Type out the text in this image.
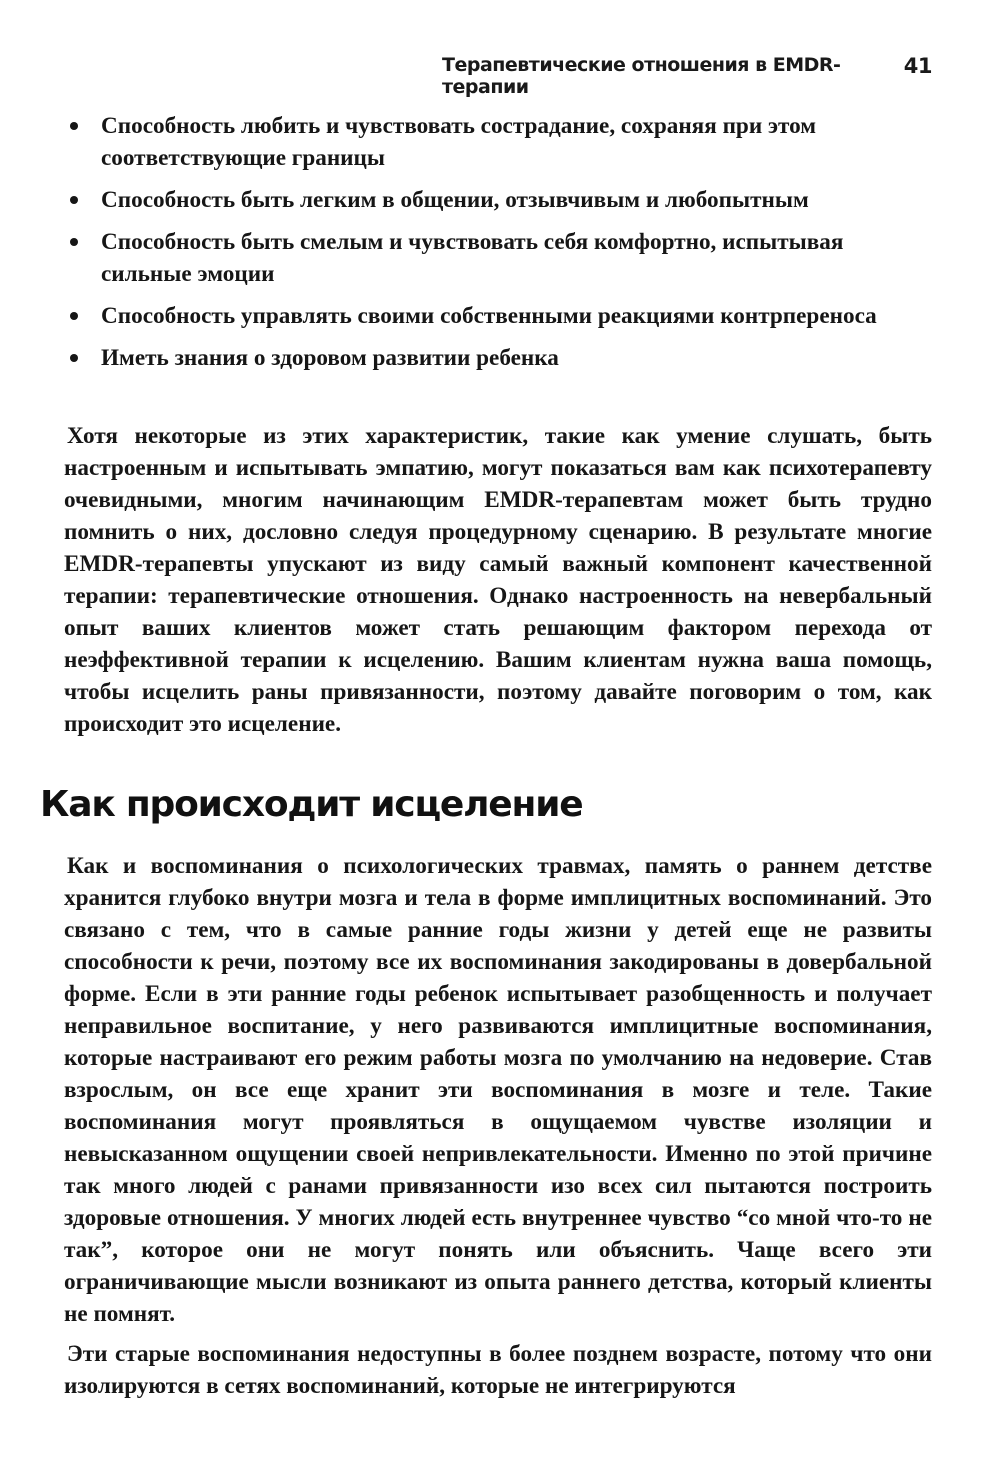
Терапевтические отношения в EMDR-терапии
41
Способность любить и чувствовать сострадание, сохраняя при этом соответствующие границы
Способность быть легким в общении, отзывчивым и любопытным
Способность быть смелым и чувствовать себя комфортно, испытывая сильные эмоции
Способность управлять своими собственными реакциями контрпереноса
Иметь знания о здоровом развитии ребенка

Хотя некоторые из этих характеристик, такие как умение слушать, быть настроенным и испытывать эмпатию, могут показаться вам как психотерапевту очевидными, многим начинающим EMDR-терапевтам может быть трудно помнить о них, дословно следуя процедурному сценарию. В результате многие EMDR-терапевты упускают из виду самый важный компонент качественной терапии: терапевтические отношения. Однако настроенность на невербальный опыт ваших клиентов может стать решающим фактором перехода от неэффективной терапии к исцелению. Вашим клиентам нужна ваша помощь, чтобы исцелить раны привязанности, поэтому давайте поговорим о том, как происходит это исцеление.

Как происходит исцеление

Как и воспоминания о психологических травмах, память о раннем детстве хранится глубоко внутри мозга и тела в форме имплицитных воспоминаний. Это связано с тем, что в самые ранние годы жизни у детей еще не развиты способности к речи, поэтому все их воспоминания закодированы в довербальной форме. Если в эти ранние годы ребенок испытывает разобщенность и получает неправильное воспитание, у него развиваются имплицитные воспоминания, которые настраивают его режим работы мозга по умолчанию на недоверие. Став взрослым, он все еще хранит эти воспоминания в мозге и теле. Такие воспоминания могут проявляться в ощущаемом чувстве изоляции и невысказанном ощущении своей непривлекательности. Именно по этой причине так много людей с ранами привязанности изо всех сил пытаются построить здоровые отношения. У многих людей есть внутреннее чувство “со мной что-то не так”, которое они не могут понять или объяснить. Чаще всего эти ограничивающие мысли возникают из опыта раннего детства, который клиенты не помнят.

Эти старые воспоминания недоступны в более позднем возрасте, потому что они изолируются в сетях воспоминаний, которые не интегрируются
